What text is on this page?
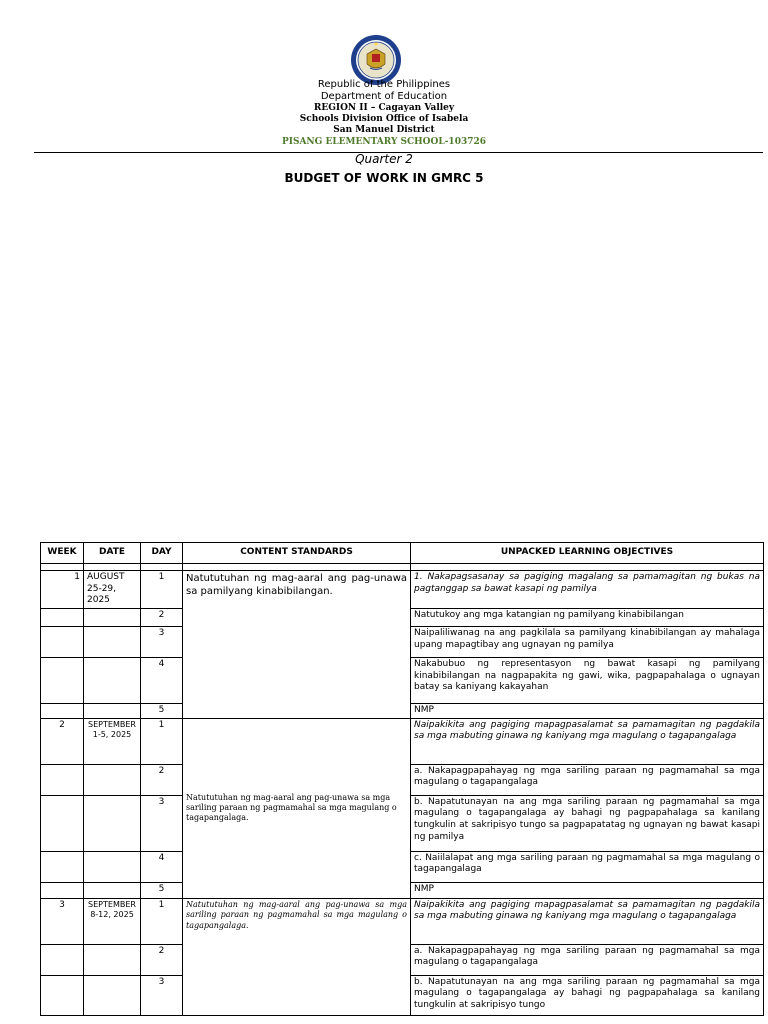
Republic of the Philippines
Department of Education
REGION II – Cagayan Valley
Schools Division Office of Isabela
San Manuel District
PISANG ELEMENTARY SCHOOL-103726
Quarter 2
BUDGET OF WORK IN GMRC 5
WEEK	DATE	DAY	CONTENT STANDARDS	UNPACKED LEARNING OBJECTIVES

1	AUGUST 25-29, 2025	1	Natututuhan ng mag-aaral ang pag-unawa sa pamilyang kinabibilangan.	1. Nakapagsasanay sa pagiging magalang sa pamamagitan ng bukas na pagtanggap sa bawat kasapi ng pamilya
		2		Natutukoy ang mga katangian ng pamilyang kinabibilangan
		3		Naipaliliwanag na ang pagkilala sa pamilyang kinabibilangan ay mahalaga upang mapagtibay ang ugnayan ng pamilya
		4		Nakabubuo ng representasyon ng bawat kasapi ng pamilyang kinabibilangan na nagpapakita ng gawi, wika, pagpapahalaga o ugnayan batay sa kaniyang kakayahan
		5		NMP
2	SEPTEMBER 1-5, 2025	1	Natututuhan ng mag-aaral ang pag-unawa sa mga sariling paraan ng pagmamahal sa mga magulang o tagapangalaga.	Naipakikita ang pagiging mapagpasalamat sa pamamagitan ng pagdakila sa mga mabuting ginawa ng kaniyang mga magulang o tagapangalaga
		2		a. Nakapagpapahayag ng mga sariling paraan ng pagmamahal sa mga magulang o tagapangalaga
		3		b. Napatutunayan na ang mga sariling paraan ng pagmamahal sa mga magulang o tagapangalaga ay bahagi ng pagpapahalaga sa kanilang tungkulin at sakripisyo tungo sa pagpapatatag ng ugnayan ng bawat kasapi ng pamilya
		4		c. Naiilalapat ang mga sariling paraan ng pagmamahal sa mga magulang o tagapangalaga
		5		NMP
3	SEPTEMBER 8-12, 2025	1	Natututuhan ng mag-aaral ang pag-unawa sa mga sariling paraan ng pagmamahal sa mga magulang o tagapangalaga.	Naipakikita ang pagiging mapagpasalamat sa pamamagitan ng pagdakila sa mga mabuting ginawa ng kaniyang mga magulang o tagapangalaga
		2		a. Nakapagpapahayag ng mga sariling paraan ng pagmamahal sa mga magulang o tagapangalaga
		3		b. Napatutunayan na ang mga sariling paraan ng pagmamahal sa mga magulang o tagapangalaga ay bahagi ng pagpapahalaga sa kanilang tungkulin at sakripisyo tungo
